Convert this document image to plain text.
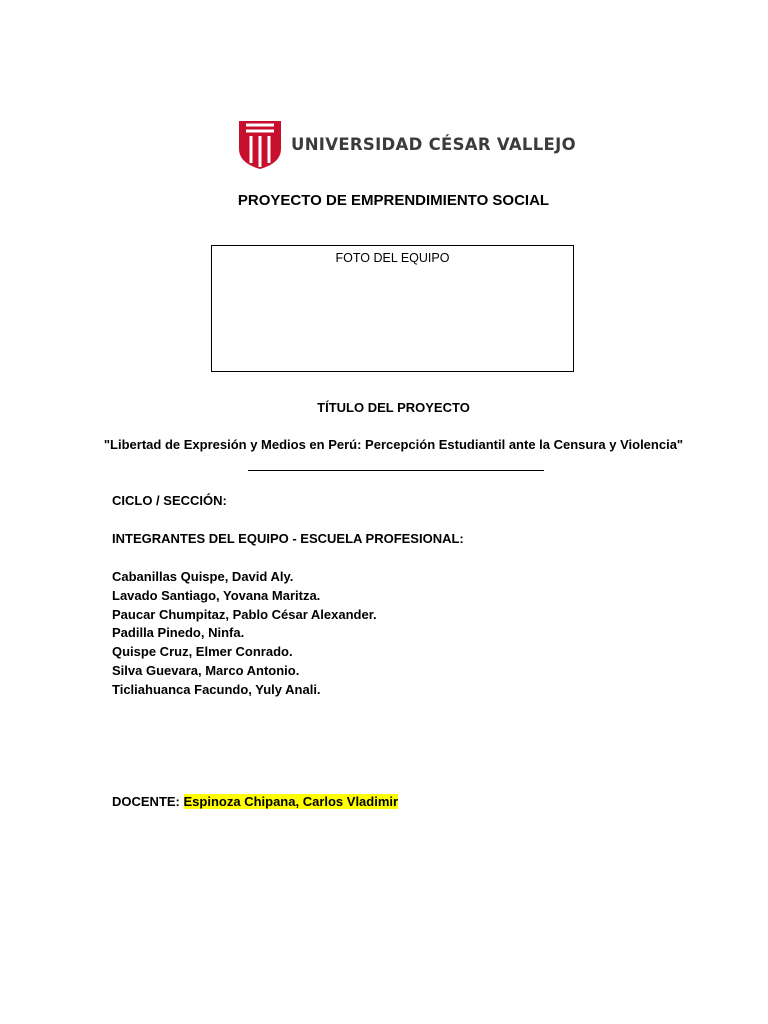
UNIVERSIDAD CÉSAR VALLEJO
PROYECTO DE EMPRENDIMIENTO SOCIAL
FOTO DEL EQUIPO
TÍTULO DEL PROYECTO
"Libertad de Expresión y Medios en Perú: Percepción Estudiantil ante la Censura y Violencia"
CICLO / SECCIÓN:
INTEGRANTES DEL EQUIPO - ESCUELA PROFESIONAL:
Cabanillas Quispe, David Aly.
Lavado Santiago, Yovana Maritza.
Paucar Chumpitaz, Pablo César Alexander.
Padilla Pinedo, Ninfa.
Quispe Cruz, Elmer Conrado.
Silva Guevara, Marco Antonio.
Ticliahuanca Facundo, Yuly Anali.
DOCENTE: Espinoza Chipana, Carlos Vladimir
